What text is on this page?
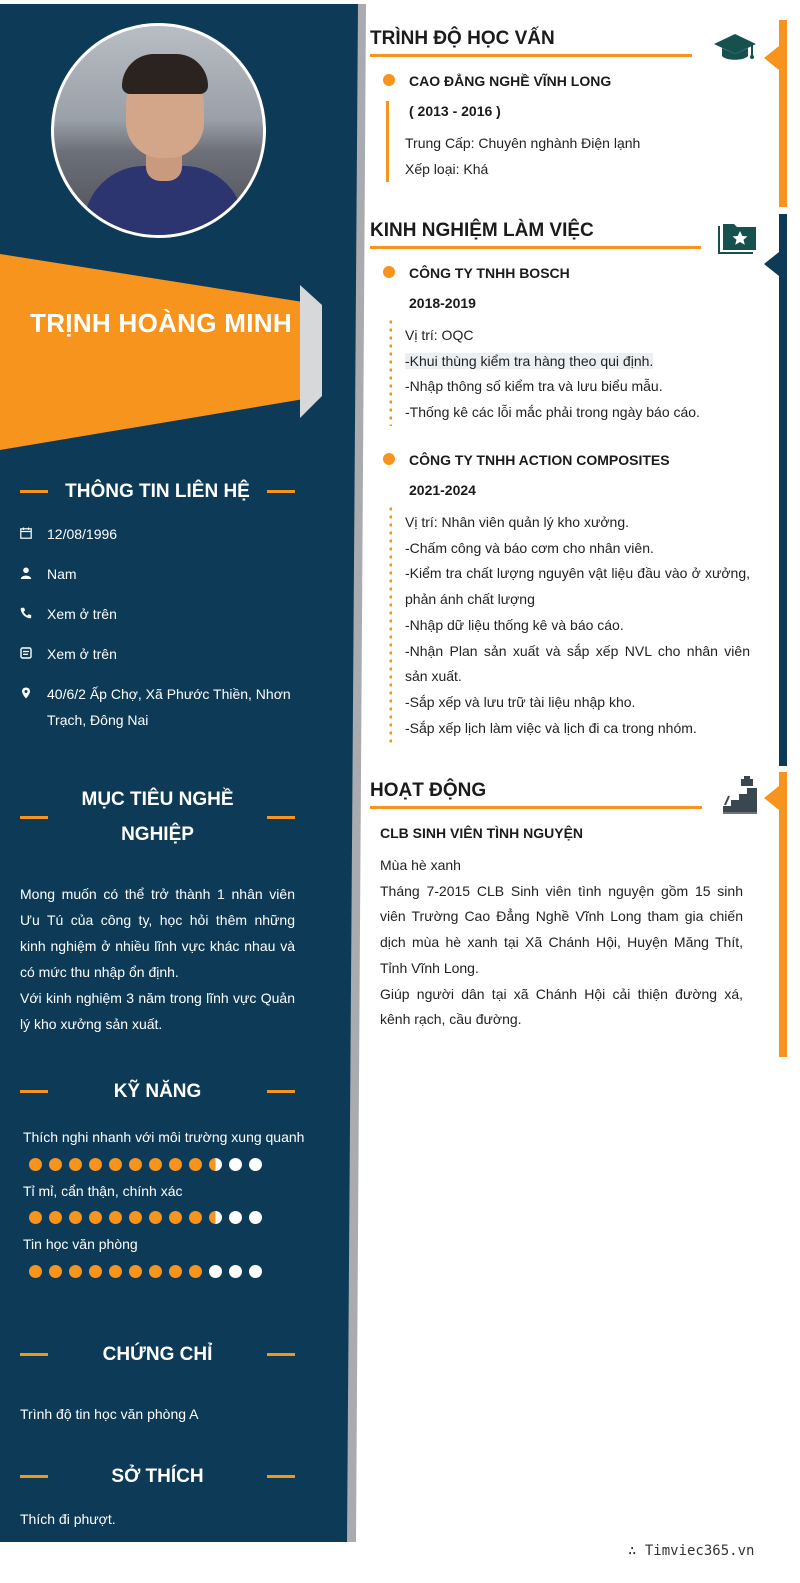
TRỊNH HOÀNG MINH
THÔNG TIN LIÊN HỆ
12/08/1996
Nam
Xem ở trên
Xem ở trên
40/6/2 Ấp Chợ, Xã Phước Thiền, Nhơn Trạch, Đông Nai
MỤC TIÊU NGHỀ
NGHIỆP
Mong muốn có thể trở thành 1 nhân viên Ưu Tú của công ty, học hỏi thêm những kinh nghiệm ở nhiều lĩnh vực khác nhau và có mức thu nhập ổn định.
Với kinh nghiệm 3 năm trong lĩnh vực Quản lý kho xưởng sản xuất.
KỸ NĂNG
Thích nghi nhanh với môi trường xung quanh
Tỉ mỉ, cẩn thận, chính xác
Tin học văn phòng
CHỨNG CHỈ
Trình độ tin học văn phòng A
SỞ THÍCH
Thích đi phượt.
TRÌNH ĐỘ HỌC VẤN
CAO ĐẲNG NGHỀ VĨNH LONG
( 2013 - 2016 )
Trung Cấp: Chuyên nghành Điện lạnh
Xếp loại: Khá
KINH NGHIỆM LÀM VIỆC
CÔNG TY TNHH BOSCH
2018-2019
Vị trí: OQC
-Khui thùng kiểm tra hàng theo qui định.
-Nhập thông số kiểm tra và lưu biểu mẫu.
-Thống kê các lỗi mắc phải trong ngày báo cáo.
CÔNG TY TNHH ACTION COMPOSITES
2021-2024
Vị trí: Nhân viên quản lý kho xưởng.
-Chấm công và báo cơm cho nhân viên.
-Kiểm tra chất lượng nguyên vật liệu đầu vào ở xưởng, phản ánh chất lượng
-Nhập dữ liệu thống kê và báo cáo.
-Nhận Plan sản xuất và sắp xếp NVL cho nhân viên sản xuất.
-Sắp xếp và lưu trữ tài liệu nhập kho.
-Sắp xếp lịch làm việc và lịch đi ca trong nhóm.
HOẠT ĐỘNG
CLB SINH VIÊN TÌNH NGUYỆN
Mùa hè xanh
Tháng 7-2015 CLB Sinh viên tình nguyện gồm 15 sinh viên Trường Cao Đẳng Nghề Vĩnh Long tham gia chiến dịch mùa hè xanh tại Xã Chánh Hội, Huyện Măng Thít, Tỉnh Vĩnh Long.
Giúp người dân tại xã Chánh Hội cải thiện đường xá, kênh rạch, cầu đường.
∴ Timviec365.vn
